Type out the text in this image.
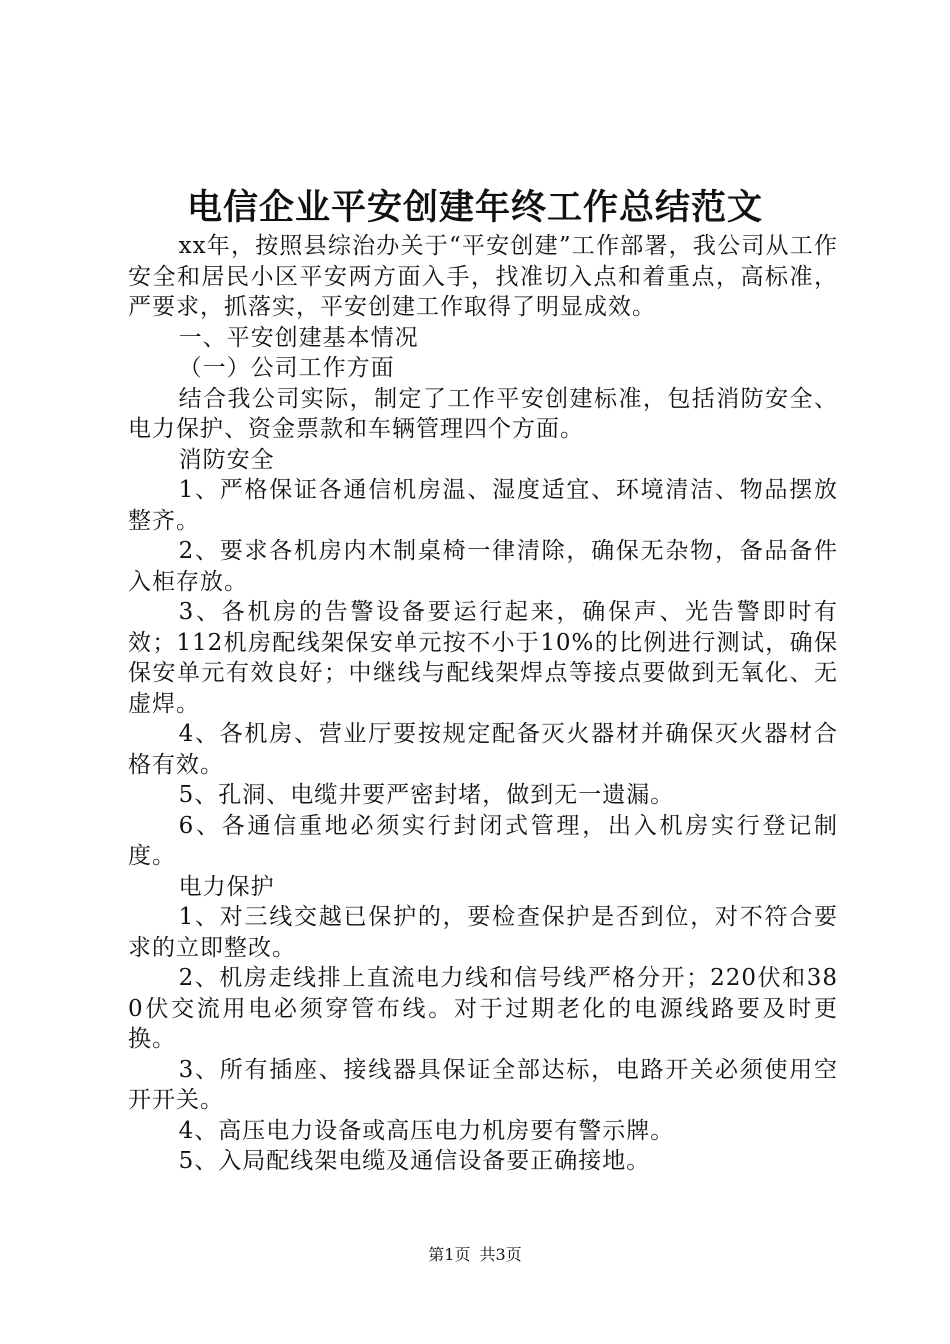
电信企业平安创建年终工作总结范文

xx年，按照县综治办关于“平安创建”工作部署，我公司从工作安全和居民小区平安两方面入手，找准切入点和着重点，高标准，严要求，抓落实，平安创建工作取得了明显成效。

一、平安创建基本情况

（一）公司工作方面

结合我公司实际，制定了工作平安创建标准，包括消防安全、电力保护、资金票款和车辆管理四个方面。

消防安全

1、严格保证各通信机房温、湿度适宜、环境清洁、物品摆放整齐。

2、要求各机房内木制桌椅一律清除，确保无杂物，备品备件入柜存放。

3、各机房的告警设备要运行起来，确保声、光告警即时有效；112机房配线架保安单元按不小于10%的比例进行测试，确保保安单元有效良好；中继线与配线架焊点等接点要做到无氧化、无虚焊。

4、各机房、营业厅要按规定配备灭火器材并确保灭火器材合格有效。

5、孔洞、电缆井要严密封堵，做到无一遗漏。

6、各通信重地必须实行封闭式管理，出入机房实行登记制度。

电力保护

1、对三线交越已保护的，要检查保护是否到位，对不符合要求的立即整改。

2、机房走线排上直流电力线和信号线严格分开；220伏和380伏交流用电必须穿管布线。对于过期老化的电源线路要及时更换。

3、所有插座、接线器具保证全部达标，电路开关必须使用空开开关。

4、高压电力设备或高压电力机房要有警示牌。

5、入局配线架电缆及通信设备要正确接地。

第1页 共3页
